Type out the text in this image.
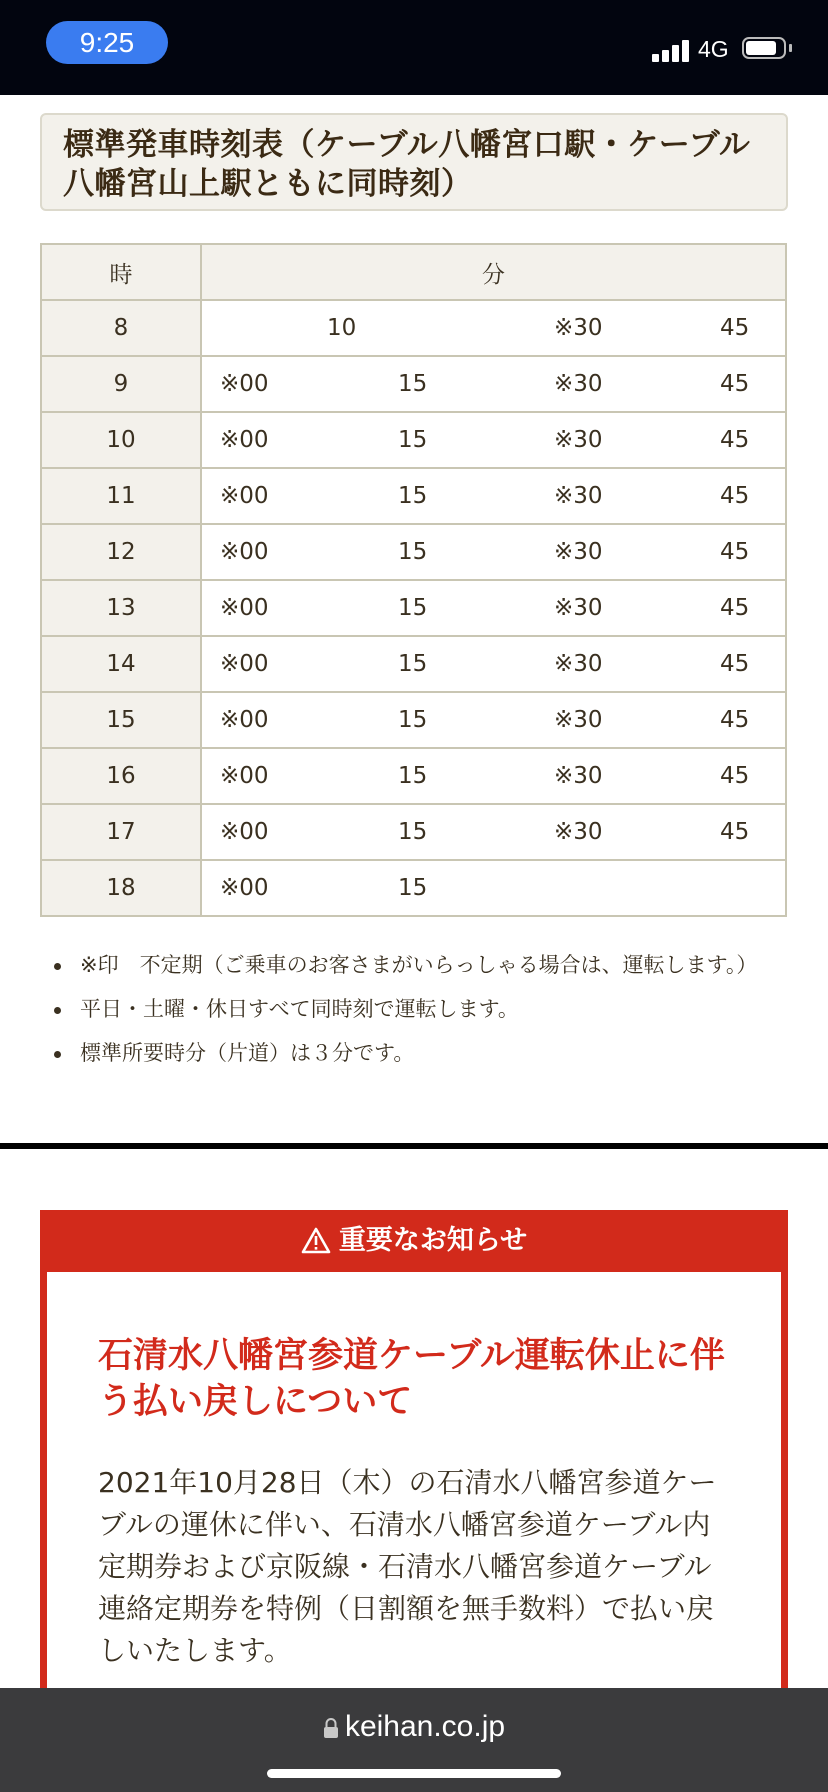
9:25	4G
標準発車時刻表（ケーブル八幡宮口駅・ケーブル八幡宮山上駅ともに同時刻）
時	分
8	10 ※30 45

9	※00 15 ※30 45

10	※00 15 ※30 45

11	※00 15 ※30 45

12	※00 15 ※30 45

13	※00 15 ※30 45

14	※00 15 ※30 45

15	※00 15 ※30 45

16	※00 15 ※30 45

17	※00 15 ※30 45

18	※00 15
※印　不定期（ご乗車のお客さまがいらっしゃる場合は、運転します。）
平日・土曜・休日すべて同時刻で運転します。
標準所要時分（片道）は３分です。
重要なお知らせ
石清水八幡宮参道ケーブル運転休止に伴う払い戻しについて

2021年10月28日（木）の石清水八幡宮参道ケーブルの運休に伴い、石清水八幡宮参道ケーブル内定期券および京阪線・石清水八幡宮参道ケーブル連絡定期券を特例（日割額を無手数料）で払い戻しいたします。

keihan.co.jp
